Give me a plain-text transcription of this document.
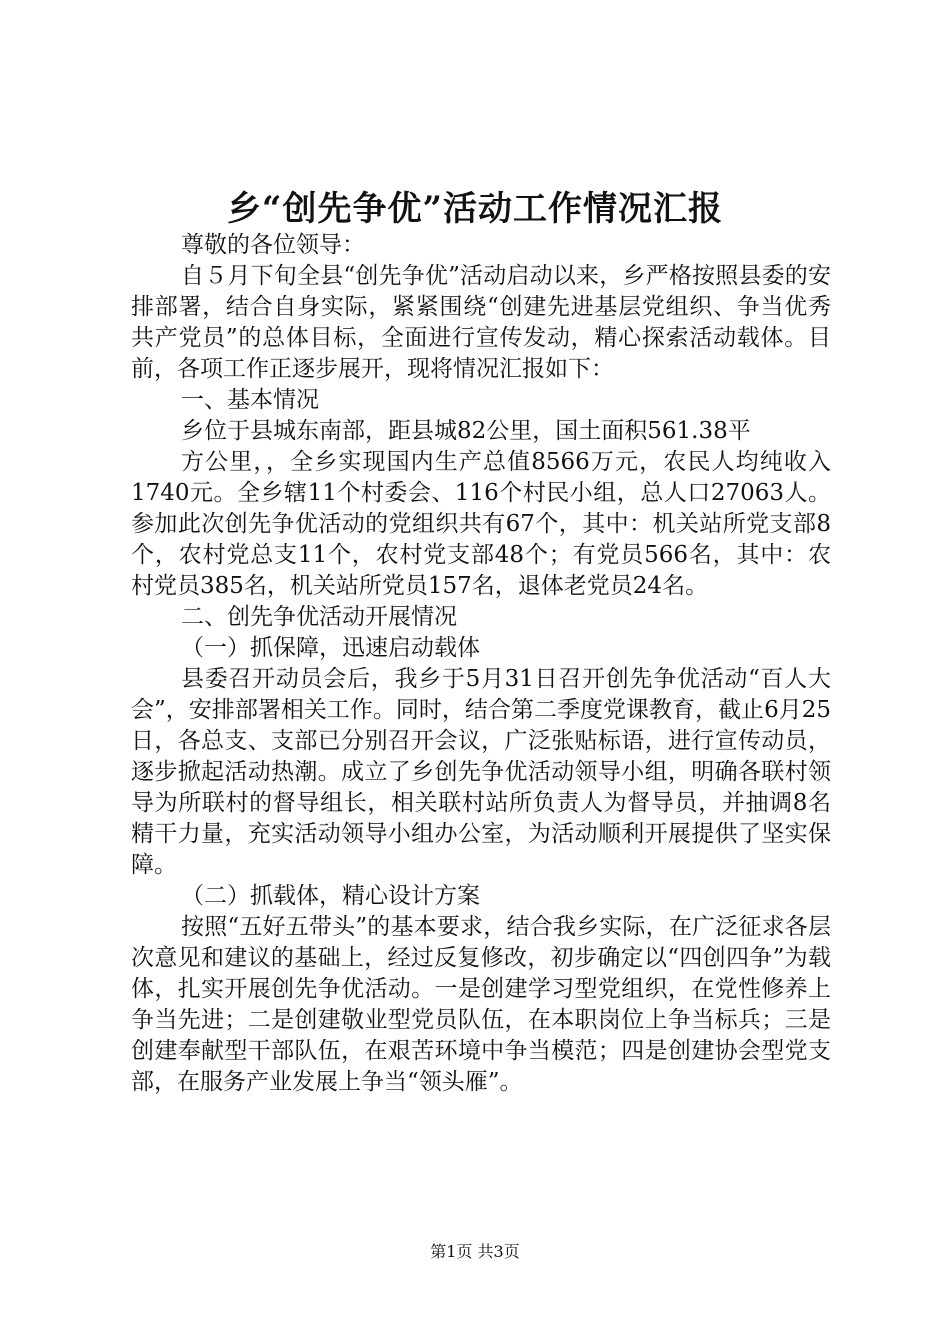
乡“创先争优”活动工作情况汇报

尊敬的各位领导：

自５月下旬全县“创先争优”活动启动以来，乡严格按照县委的安排部署，结合自身实际，紧紧围绕“创建先进基层党组织、争当优秀共产党员”的总体目标，全面进行宣传发动，精心探索活动载体。目前，各项工作正逐步展开，现将情况汇报如下：

一、基本情况

乡位于县城东南部，距县城82公里，国土面积561.38平

方公里，，全乡实现国内生产总值8566万元，农民人均纯收入1740元。全乡辖11个村委会、116个村民小组，总人口27063人。参加此次创先争优活动的党组织共有67个，其中：机关站所党支部8个，农村党总支11个，农村党支部48个；有党员566名，其中：农村党员385名，机关站所党员157名，退体老党员24名。

二、创先争优活动开展情况

（一）抓保障，迅速启动载体

县委召开动员会后，我乡于5月31日召开创先争优活动“百人大会”，安排部署相关工作。同时，结合第二季度党课教育，截止6月25日，各总支、支部已分别召开会议，广泛张贴标语，进行宣传动员，逐步掀起活动热潮。成立了乡创先争优活动领导小组，明确各联村领导为所联村的督导组长，相关联村站所负责人为督导员，并抽调8名精干力量，充实活动领导小组办公室，为活动顺利开展提供了坚实保障。

（二）抓载体，精心设计方案

按照“五好五带头”的基本要求，结合我乡实际，在广泛征求各层次意见和建议的基础上，经过反复修改，初步确定以“四创四争”为载体，扎实开展创先争优活动。一是创建学习型党组织，在党性修养上争当先进；二是创建敬业型党员队伍，在本职岗位上争当标兵；三是创建奉献型干部队伍，在艰苦环境中争当模范；四是创建协会型党支部，在服务产业发展上争当“领头雁”。

第1页 共3页
